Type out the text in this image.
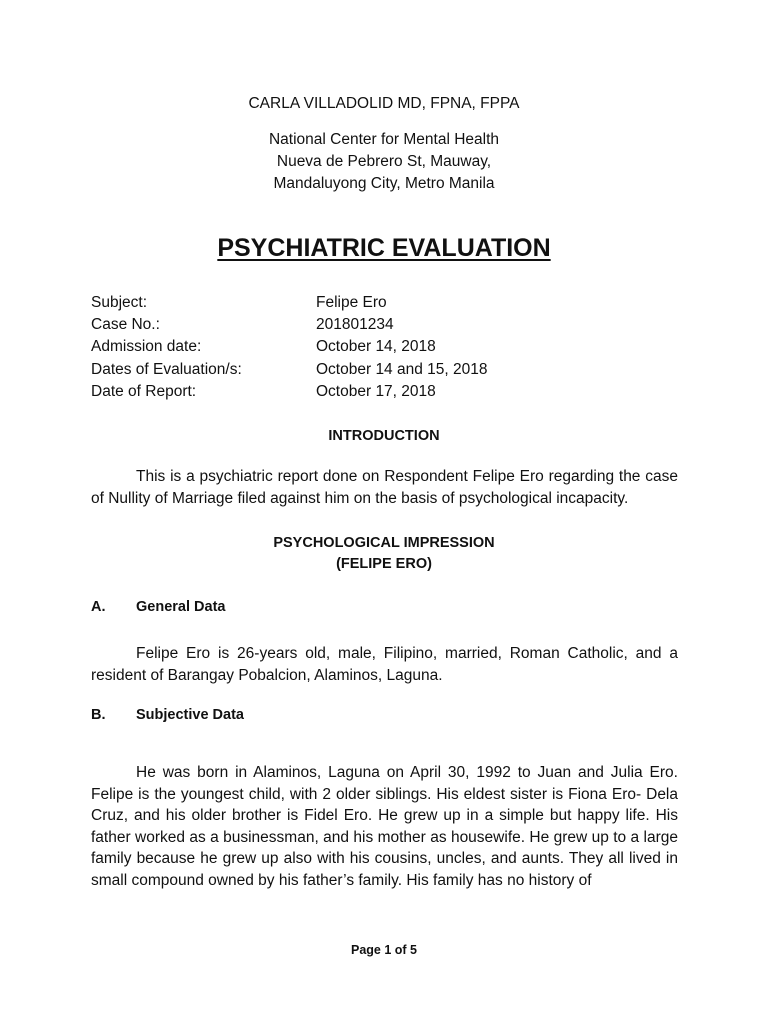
CARLA VILLADOLID MD, FPNA, FPPA
National Center for Mental Health
Nueva de Pebrero St, Mauway,
Mandaluyong City, Metro Manila
PSYCHIATRIC EVALUATION
Subject:	Felipe Ero
Case No.:	201801234
Admission date:	October 14, 2018
Dates of Evaluation/s:	October 14 and 15, 2018
Date of Report:	October 17, 2018
INTRODUCTION
This is a psychiatric report done on Respondent Felipe Ero regarding the case of Nullity of Marriage filed against him on the basis of psychological incapacity.
PSYCHOLOGICAL IMPRESSION
(FELIPE ERO)
A.	General Data
Felipe Ero is 26-years old, male, Filipino, married, Roman Catholic, and a resident of Barangay Pobalcion, Alaminos, Laguna.
B.	Subjective Data
He was born in Alaminos, Laguna on April 30, 1992 to Juan and Julia Ero. Felipe is the youngest child, with 2 older siblings. His eldest sister is Fiona Ero- Dela Cruz, and his older brother is Fidel Ero. He grew up in a simple but happy life. His father worked as a businessman, and his mother as housewife. He grew up to a large family because he grew up also with his cousins, uncles, and aunts. They all lived in small compound owned by his father’s family. His family has no history of
Page 1 of 5
